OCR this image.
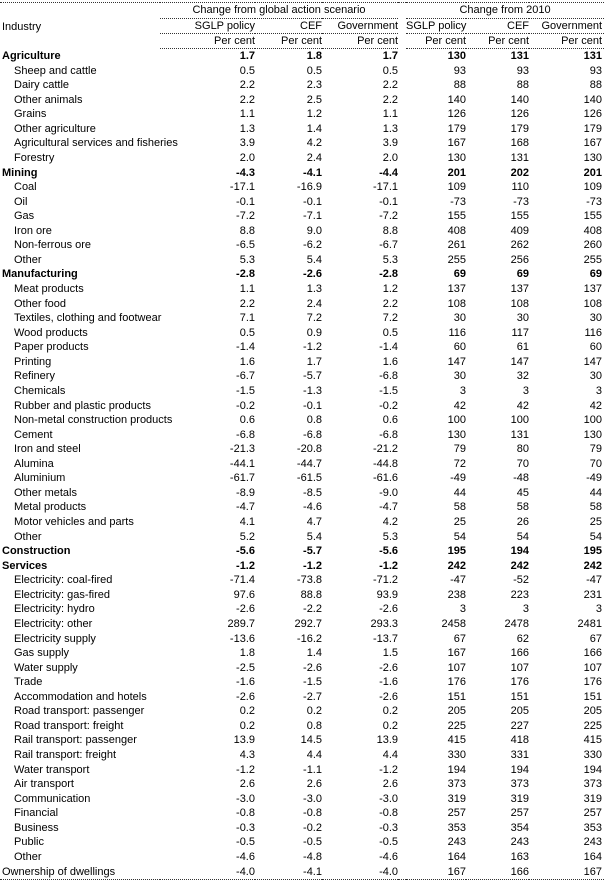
	Change from global action scenario				Change from 2010		
Industry	SGLP policy	CEF	Government		SGLP policy	CEF	Government
	Per cent	Per cent	Per cent		Per cent	Per cent	Per cent
Agriculture	1.7	1.8	1.7		130	131	131
Sheep and cattle	0.5	0.5	0.5		93	93	93
Dairy cattle	2.2	2.3	2.2		88	88	88
Other animals	2.2	2.5	2.2		140	140	140
Grains	1.1	1.2	1.1		126	126	126
Other agriculture	1.3	1.4	1.3		179	179	179
Agricultural services and fisheries	3.9	4.2	3.9		167	168	167
Forestry	2.0	2.4	2.0		130	131	130
Mining	-4.3	-4.1	-4.4		201	202	201
Coal	-17.1	-16.9	-17.1		109	110	109
Oil	-0.1	-0.1	-0.1		-73	-73	-73
Gas	-7.2	-7.1	-7.2		155	155	155
Iron ore	8.8	9.0	8.8		408	409	408
Non-ferrous ore	-6.5	-6.2	-6.7		261	262	260
Other	5.3	5.4	5.3		255	256	255
Manufacturing	-2.8	-2.6	-2.8		69	69	69
Meat products	1.1	1.3	1.2		137	137	137
Other food	2.2	2.4	2.2		108	108	108
Textiles, clothing and footwear	7.1	7.2	7.2		30	30	30
Wood products	0.5	0.9	0.5		116	117	116
Paper products	-1.4	-1.2	-1.4		60	61	60
Printing	1.6	1.7	1.6		147	147	147
Refinery	-6.7	-5.7	-6.8		30	32	30
Chemicals	-1.5	-1.3	-1.5		3	3	3
Rubber and plastic products	-0.2	-0.1	-0.2		42	42	42
Non-metal construction products	0.6	0.8	0.6		100	100	100
Cement	-6.8	-6.8	-6.8		130	131	130
Iron and steel	-21.3	-20.8	-21.2		79	80	79
Alumina	-44.1	-44.7	-44.8		72	70	70
Aluminium	-61.7	-61.5	-61.6		-49	-48	-49
Other metals	-8.9	-8.5	-9.0		44	45	44
Metal products	-4.7	-4.6	-4.7		58	58	58
Motor vehicles and parts	4.1	4.7	4.2		25	26	25
Other	5.2	5.4	5.3		54	54	54
Construction	-5.6	-5.7	-5.6		195	194	195
Services	-1.2	-1.2	-1.2		242	242	242
Electricity: coal-fired	-71.4	-73.8	-71.2		-47	-52	-47
Electricity: gas-fired	97.6	88.8	93.9		238	223	231
Electricity: hydro	-2.6	-2.2	-2.6		3	3	3
Electricity: other	289.7	292.7	293.3		2458	2478	2481
Electricity supply	-13.6	-16.2	-13.7		67	62	67
Gas supply	1.8	1.4	1.5		167	166	166
Water supply	-2.5	-2.6	-2.6		107	107	107
Trade	-1.6	-1.5	-1.6		176	176	176
Accommodation and hotels	-2.6	-2.7	-2.6		151	151	151
Road transport: passenger	0.2	0.2	0.2		205	205	205
Road transport: freight	0.2	0.8	0.2		225	227	225
Rail transport: passenger	13.9	14.5	13.9		415	418	415
Rail transport: freight	4.3	4.4	4.4		330	331	330
Water transport	-1.2	-1.1	-1.2		194	194	194
Air transport	2.6	2.6	2.6		373	373	373
Communication	-3.0	-3.0	-3.0		319	319	319
Financial	-0.8	-0.8	-0.8		257	257	257
Business	-0.3	-0.2	-0.3		353	354	353
Public	-0.5	-0.5	-0.5		243	243	243
Other	-4.6	-4.8	-4.6		164	163	164
Ownership of dwellings	-4.0	-4.1	-4.0		167	166	167
